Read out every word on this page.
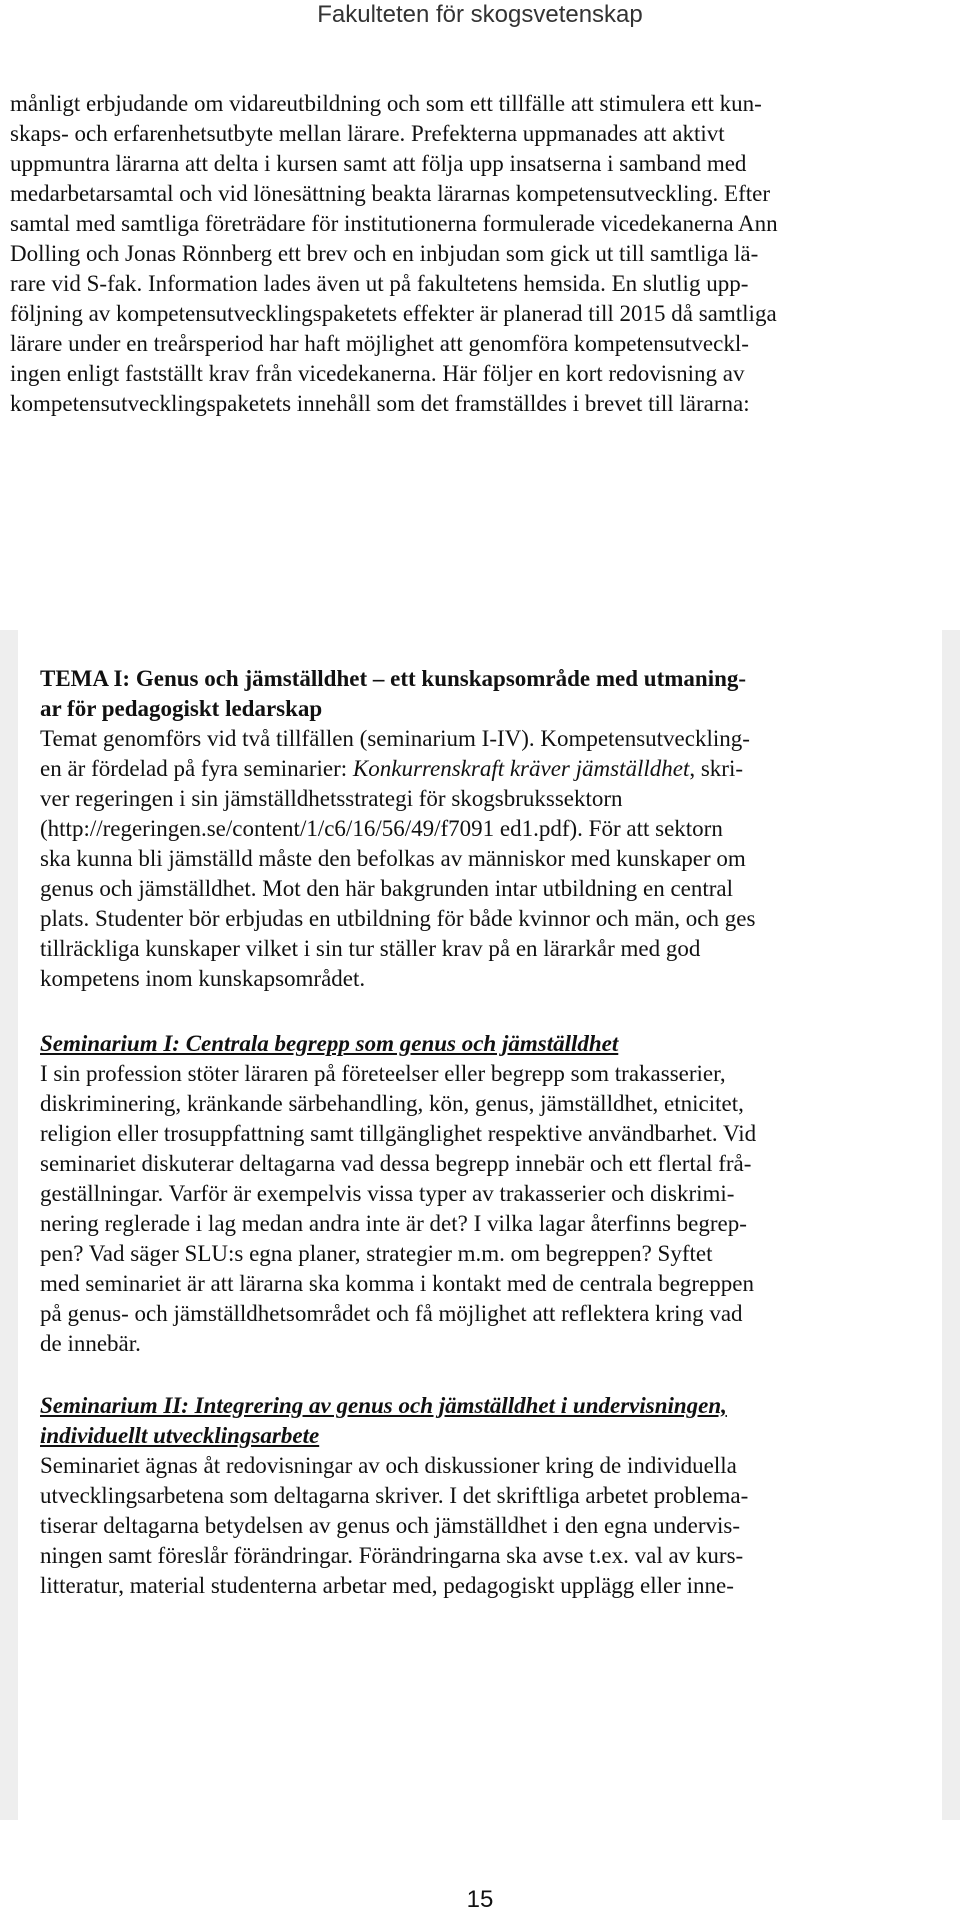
Fakulteten för skogsvetenskap
månligt erbjudande om vidareutbildning och som ett tillfälle att stimulera ett kun-
skaps- och erfarenhetsutbyte mellan lärare. Prefekterna uppmanades att aktivt
uppmuntra lärarna att delta i kursen samt att följa upp insatserna i samband med
medarbetarsamtal och vid lönesättning beakta lärarnas kompetensutveckling. Efter
samtal med samtliga företrädare för institutionerna formulerade vicedekanerna Ann
Dolling och Jonas Rönnberg ett brev och en inbjudan som gick ut till samtliga lä-
rare vid S-fak. Information lades även ut på fakultetens hemsida. En slutlig upp-
följning av kompetensutvecklingspaketets effekter är planerad till 2015 då samtliga
lärare under en treårsperiod har haft möjlighet att genomföra kompetensutveckl-
ingen enligt fastställt krav från vicedekanerna. Här följer en kort redovisning av
kompetensutvecklingspaketets innehåll som det framställdes i brevet till lärarna:
TEMA I: Genus och jämställdhet – ett kunskapsområde med utmaning-
ar för pedagogiskt ledarskap
Temat genomförs vid två tillfällen (seminarium I-IV). Kompetensutveckling-
en är fördelad på fyra seminarier: Konkurrenskraft kräver jämställdhet, skri-
ver regeringen i sin jämställdhetsstrategi för skogsbrukssektorn
(http://regeringen.se/content/1/c6/16/56/49/f7091 ed1.pdf). För att sektorn
ska kunna bli jämställd måste den befolkas av människor med kunskaper om
genus och jämställdhet. Mot den här bakgrunden intar utbildning en central
plats. Studenter bör erbjudas en utbildning för både kvinnor och män, och ges
tillräckliga kunskaper vilket i sin tur ställer krav på en lärarkår med god
kompetens inom kunskapsområdet.
Seminarium I: Centrala begrepp som genus och jämställdhet
I sin profession stöter läraren på företeelser eller begrepp som trakasserier,
diskriminering, kränkande särbehandling, kön, genus, jämställdhet, etnicitet,
religion eller trosuppfattning samt tillgänglighet respektive användbarhet. Vid
seminariet diskuterar deltagarna vad dessa begrepp innebär och ett flertal frå-
geställningar. Varför är exempelvis vissa typer av trakasserier och diskrimi-
nering reglerade i lag medan andra inte är det? I vilka lagar återfinns begrep-
pen? Vad säger SLU:s egna planer, strategier m.m. om begreppen? Syftet
med seminariet är att lärarna ska komma i kontakt med de centrala begreppen
på genus- och jämställdhetsområdet och få möjlighet att reflektera kring vad
de innebär.
Seminarium II: Integrering av genus och jämställdhet i undervisningen,
individuellt utvecklingsarbete
Seminariet ägnas åt redovisningar av och diskussioner kring de individuella
utvecklingsarbetena som deltagarna skriver. I det skriftliga arbetet problema-
tiserar deltagarna betydelsen av genus och jämställdhet i den egna undervis-
ningen samt föreslår förändringar. Förändringarna ska avse t.ex. val av kurs-
litteratur, material studenterna arbetar med, pedagogiskt upplägg eller inne-
15
